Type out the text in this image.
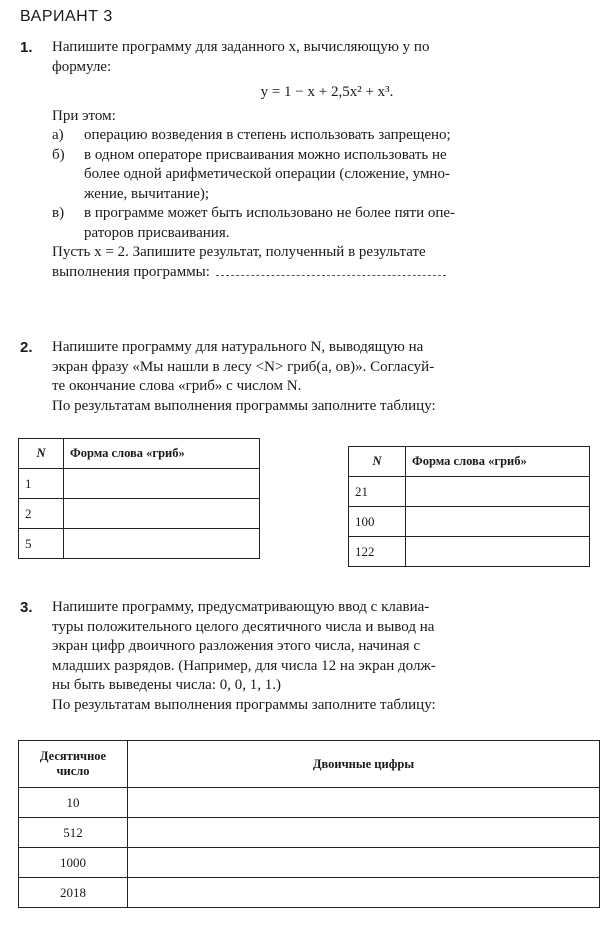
ВАРИАНТ 3
1. Напишите программу для заданного x, вычисляющую y по
формуле:
y = 1 − x + 2,5x² + x³.
При этом:
а)	операцию возведения в степень использовать запрещено;
б)	в одном операторе присваивания можно использовать не
более одной арифметической операции (сложение, умно-
жение, вычитание);
в)	в программе может быть использовано не более пяти опе-
раторов присваивания.
Пусть x = 2. Запишите результат, полученный в результате
выполнения программы:
2. Напишите программу для натурального N, выводящую на
экран фразу «Мы нашли в лесу <N> гриб(а, ов)». Согласуй-
те окончание слова «гриб» с числом N.
По результатам выполнения программы заполните таблицу:
N	Форма слова «гриб»
1	
2	
5	
N	Форма слова «гриб»
21	
100	
122	
3. Напишите программу, предусматривающую ввод с клавиа-
туры положительного целого десятичного числа и вывод на
экран цифр двоичного разложения этого числа, начиная с
младших разрядов. (Например, для числа 12 на экран долж-
ны быть выведены числа: 0, 0, 1, 1.)
По результатам выполнения программы заполните таблицу:
Десятичное
число	Двоичные цифры
10	
512	
1000	
2018	
